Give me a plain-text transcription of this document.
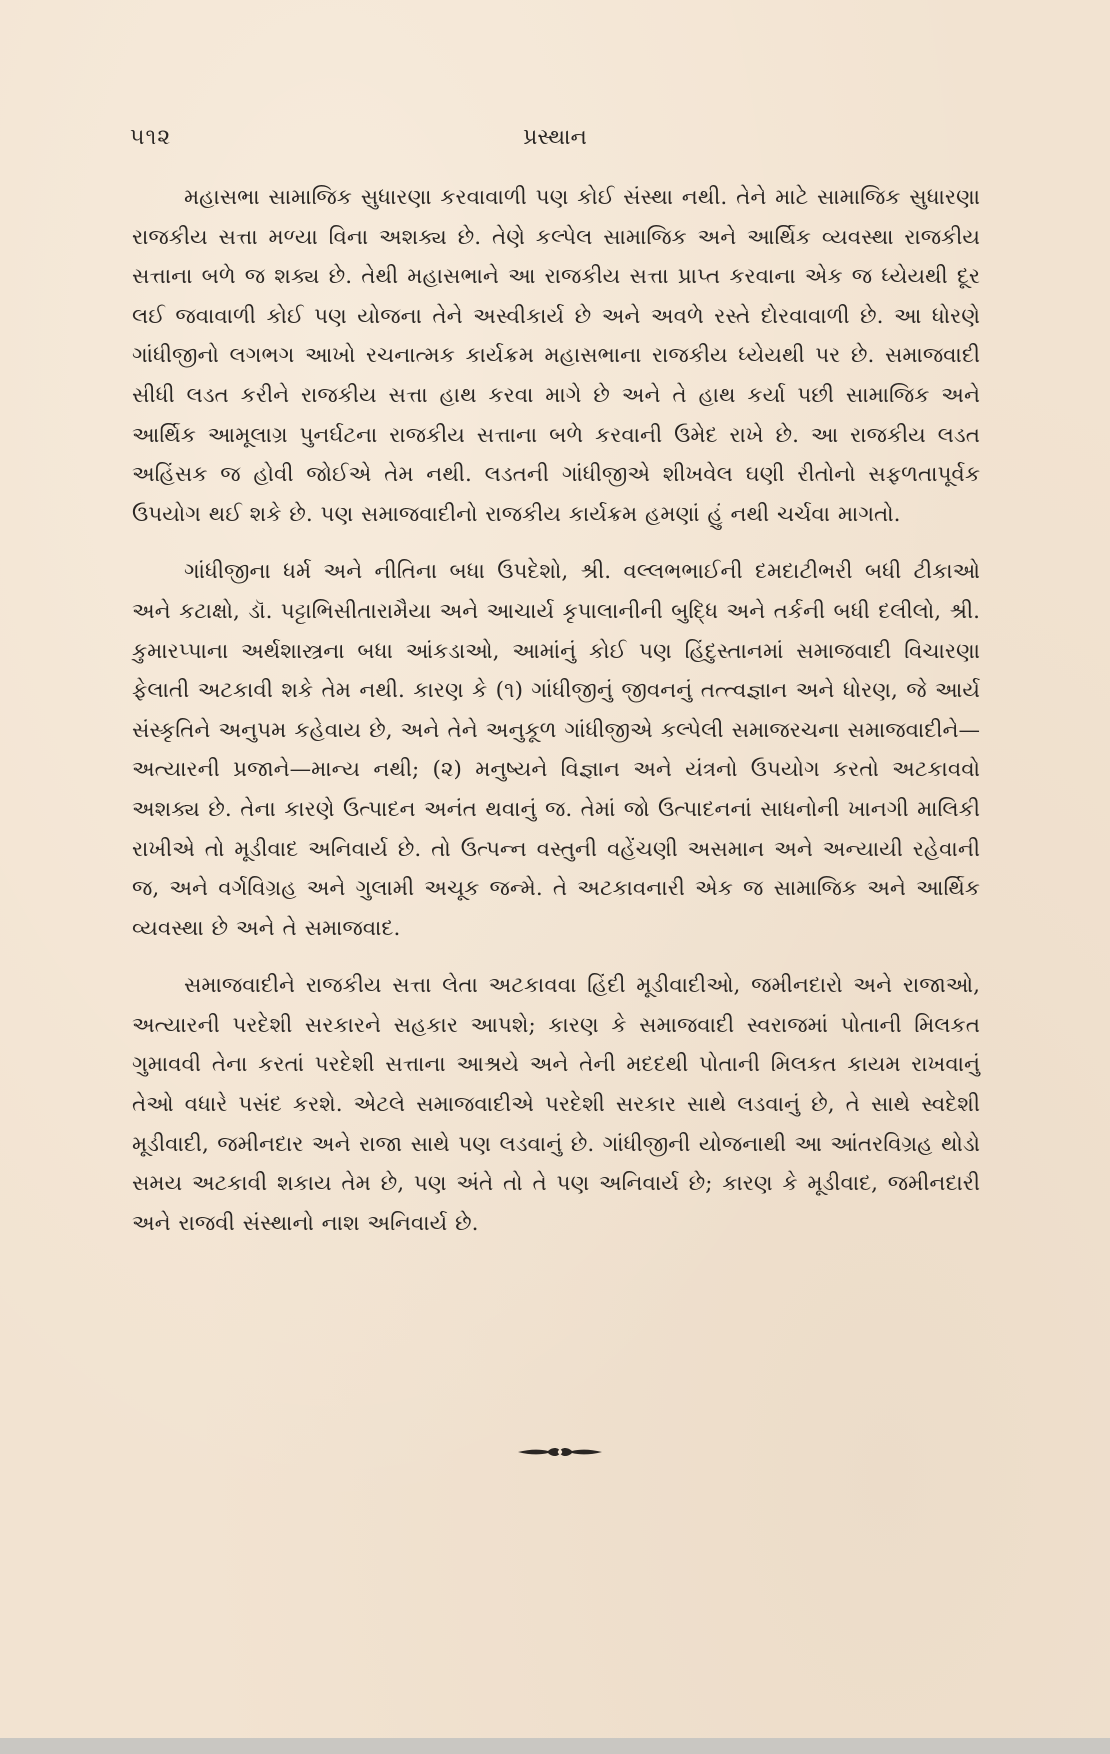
૫૧૨	પ્રસ્થાન

મહાસભા સામાજિક સુધારણા કરવાવાળી પણ કોઈ સંસ્થા નથી. તેને માટે સામાજિક સુધારણા રાજકીય સત્તા મળ્યા વિના અશક્ય છે. તેણે કલ્પેલ સામાજિક અને આર્થિક વ્યવસ્થા રાજકીય સત્તાના બળે જ શક્ય છે. તેથી મહાસભાને આ રાજકીય સત્તા પ્રાપ્ત કરવાના એક જ ધ્યેયથી દૂર લઈ જવાવાળી કોઈ પણ યોજના તેને અસ્વીકાર્ય છે અને અવળે રસ્તે દોરવાવાળી છે. આ ધોરણે ગાંધીજીનો લગભગ આખો રચનાત્મક કાર્યક્રમ મહાસભાના રાજકીય ધ્યેયથી પર છે. સમાજવાદી સીધી લડત કરીને રાજકીય સત્તા હાથ કરવા માગે છે અને તે હાથ કર્યા પછી સામાજિક અને આર્થિક આમૂલાગ્ર પુનર્ઘટના રાજકીય સત્તાના બળે કરવાની ઉમેદ રાખે છે. આ રાજકીય લડત અહિંસક જ હોવી જોઈએ તેમ નથી. લડતની ગાંધીજીએ શીખવેલ ઘણી રીતોનો સફળતાપૂર્વક ઉપયોગ થઈ શકે છે. પણ સમાજવાદીનો રાજકીય કાર્યક્રમ હમણાં હું નથી ચર્ચવા માગતો.

ગાંધીજીના ધર્મ અને નીતિના બધા ઉપદેશો, શ્રી. વલ્લભભાઈની દમદાટીભરી બધી ટીકાઓ અને કટાક્ષો, ડૉ. પટ્ટાભિસીતારામૈયા અને આચાર્ય કૃપાલાનીની બુદ્ધિ અને તર્કની બધી દલીલો, શ્રી. કુમારપ્પાના અર્થશાસ્ત્રના બધા આંકડાઓ, આમાંનું કોઈ પણ હિંદુસ્તાનમાં સમાજવાદી વિચારણા ફેલાતી અટકાવી શકે તેમ નથી. કારણ કે (૧) ગાંધીજીનું જીવનનું તત્ત્વજ્ઞાન અને ધોરણ, જે આર્ય સંસ્કૃતિને અનુપમ કહેવાય છે, અને તેને અનુકૂળ ગાંધીજીએ કલ્પેલી સમાજરચના સમાજવાદીને—અત્યારની પ્રજાને—માન્ય નથી; (૨) મનુષ્યને વિજ્ઞાન અને યંત્રનો ઉપયોગ કરતો અટકાવવો અશક્ય છે. તેના કારણે ઉત્પાદન અનંત થવાનું જ. તેમાં જો ઉત્પાદનનાં સાધનોની ખાનગી માલિકી રાખીએ તો મૂડીવાદ અનિવાર્ય છે. તો ઉત્પન્ન વસ્તુની વહેંચણી અસમાન અને અન્યાયી રહેવાની જ, અને વર્ગવિગ્રહ અને ગુલામી અચૂક જન્મે. તે અટકાવનારી એક જ સામાજિક અને આર્થિક વ્યવસ્થા છે અને તે સમાજવાદ.

સમાજવાદીને રાજકીય સત્તા લેતા અટકાવવા હિંદી મૂડીવાદીઓ, જમીનદારો અને રાજાઓ, અત્યારની પરદેશી સરકારને સહકાર આપશે; કારણ કે સમાજવાદી સ્વરાજમાં પોતાની મિલકત ગુમાવવી તેના કરતાં પરદેશી સત્તાના આશ્રયે અને તેની મદદથી પોતાની મિલકત કાયમ રાખવાનું તેઓ વધારે પસંદ કરશે. એટલે સમાજવાદીએ પરદેશી સરકાર સાથે લડવાનું છે, તે સાથે સ્વદેશી મૂડીવાદી, જમીનદાર અને રાજા સાથે પણ લડવાનું છે. ગાંધીજીની યોજનાથી આ આંતરવિગ્રહ થોડો સમય અટકાવી શકાય તેમ છે, પણ અંતે તો તે પણ અનિવાર્ય છે; કારણ કે મૂડીવાદ, જમીનદારી અને રાજવી સંસ્થાનો નાશ અનિવાર્ય છે.
